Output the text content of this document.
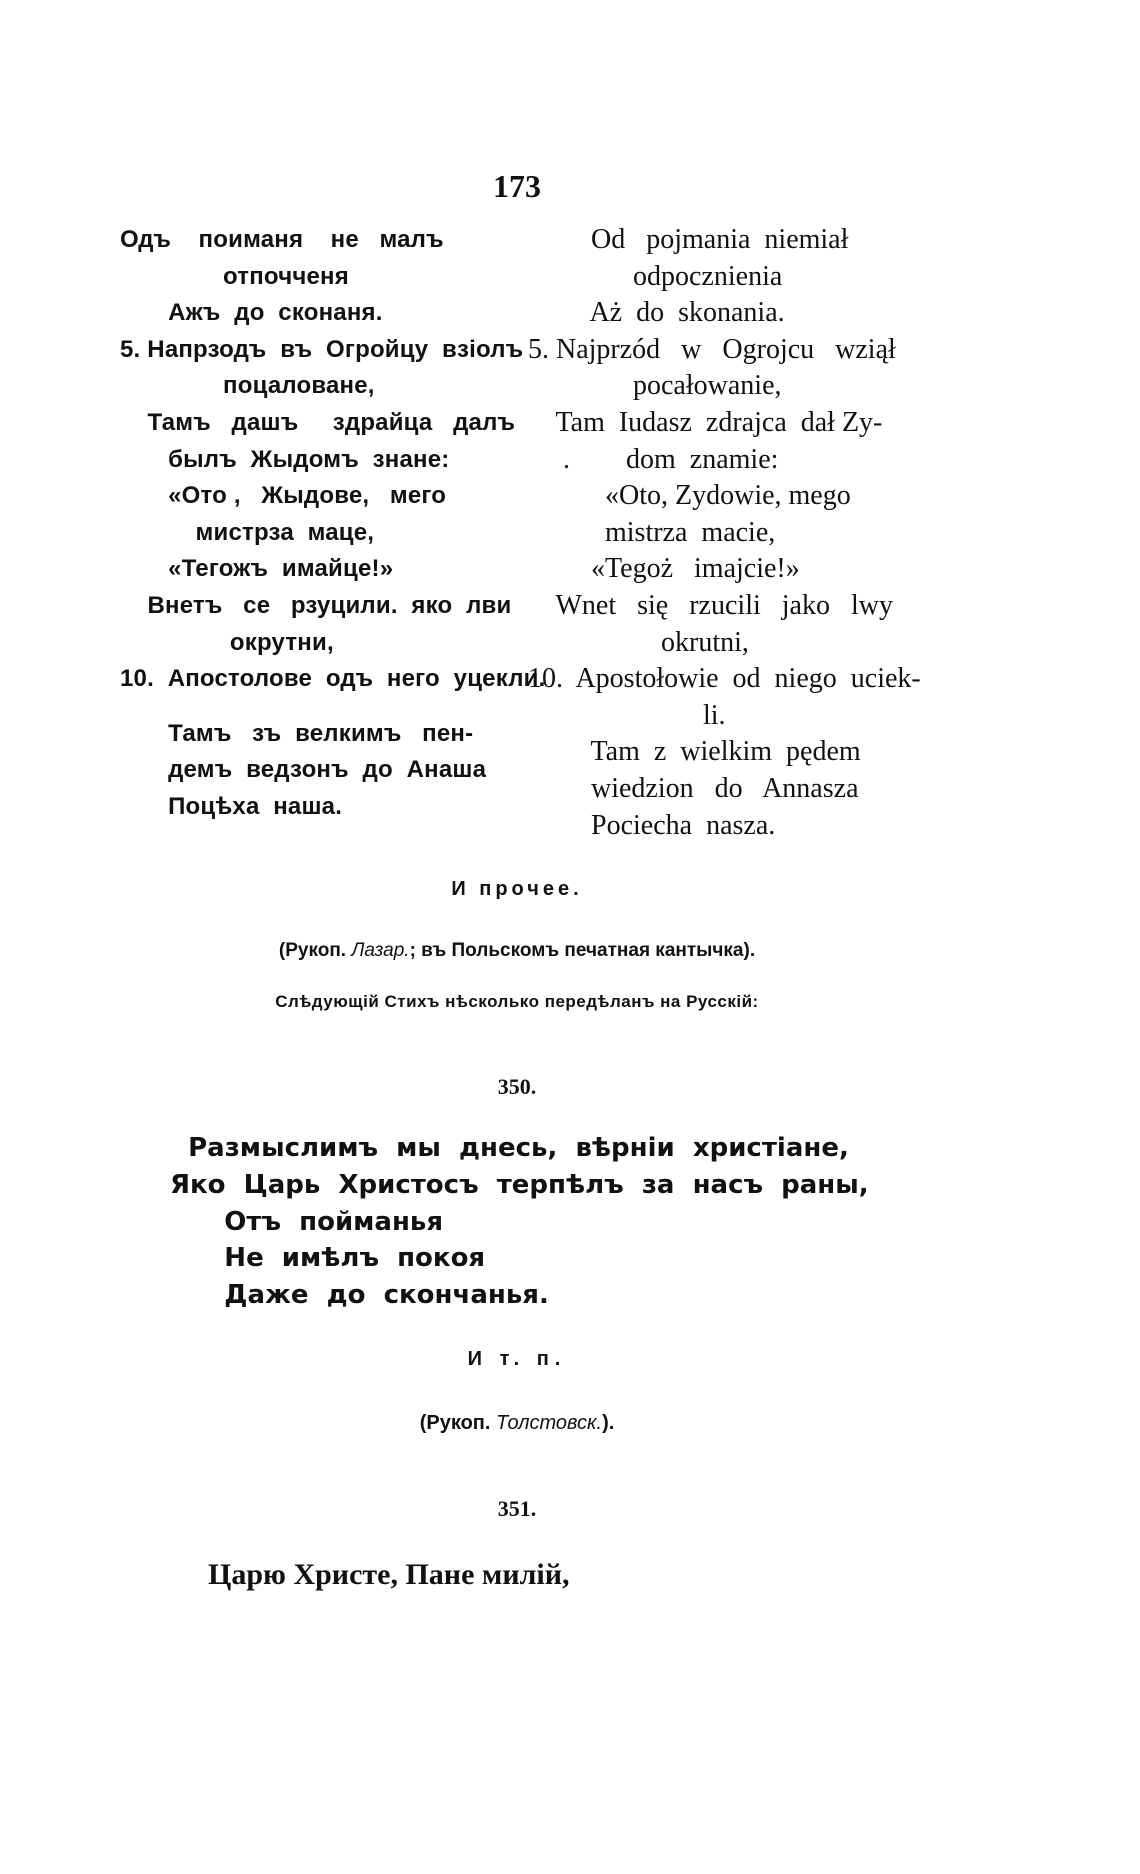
173
Одъ    поиманя    не   малъ
отпочченя
Ажъ  до  сконаня.
5. Напрзодъ  въ  Огройцу  взiолъ
поцаловане,
Тамъ   дашъ     здрайца   далъ
былъ  Жыдомъ  знане:
«Ото ,   Жыдове,   мего
мистрза  маце,
«Тегожъ  имайце!»
Внетъ   се   рзуцили.  яко  лви
окрутни,
10.  Апостолове  одъ  него  уцекли.
Тамъ   зъ  велкимъ   пен-
демъ  ведзонъ  до  Анаша
Поцѣха  наша.
Od   pojmania  niemiał
odpocznienia
Aż  do  skonania.
5. Najprzód   w   Ogrojcu   wziął
pocałowanie,
Tam  Iudasz  zdrajca  dał Zy-
.        dom  znamie:
«Oto, Zydowie, mego
mistrza  macie,
«Tegoż   imajcie!»
Wnet   się   rzucili   jako   lwy
okrutni,
10.  Apostołowie  od  niego  uciek-
li.
Tam  z  wielkim  pędem
wiedzion   do   Annasza
Pociecha  nasza.
И прочее.
(Рукоп. Лазар.; въ Польскомъ печатная кантычка).
Слѣдующiй Стихъ нѣсколько передѣланъ на Русскiй:
350.
Размыслимъ  мы  днесь,  вѣрнiи  христiане,
Яко  Царь  Христосъ  терпѣлъ  за  насъ  раны,
Отъ  пойманья
Не  имѣлъ  покоя
Даже  до  скончанья.
И т. п.
(Рукоп. Толстовск.).
351.
Царю Христе, Пане милiй,
